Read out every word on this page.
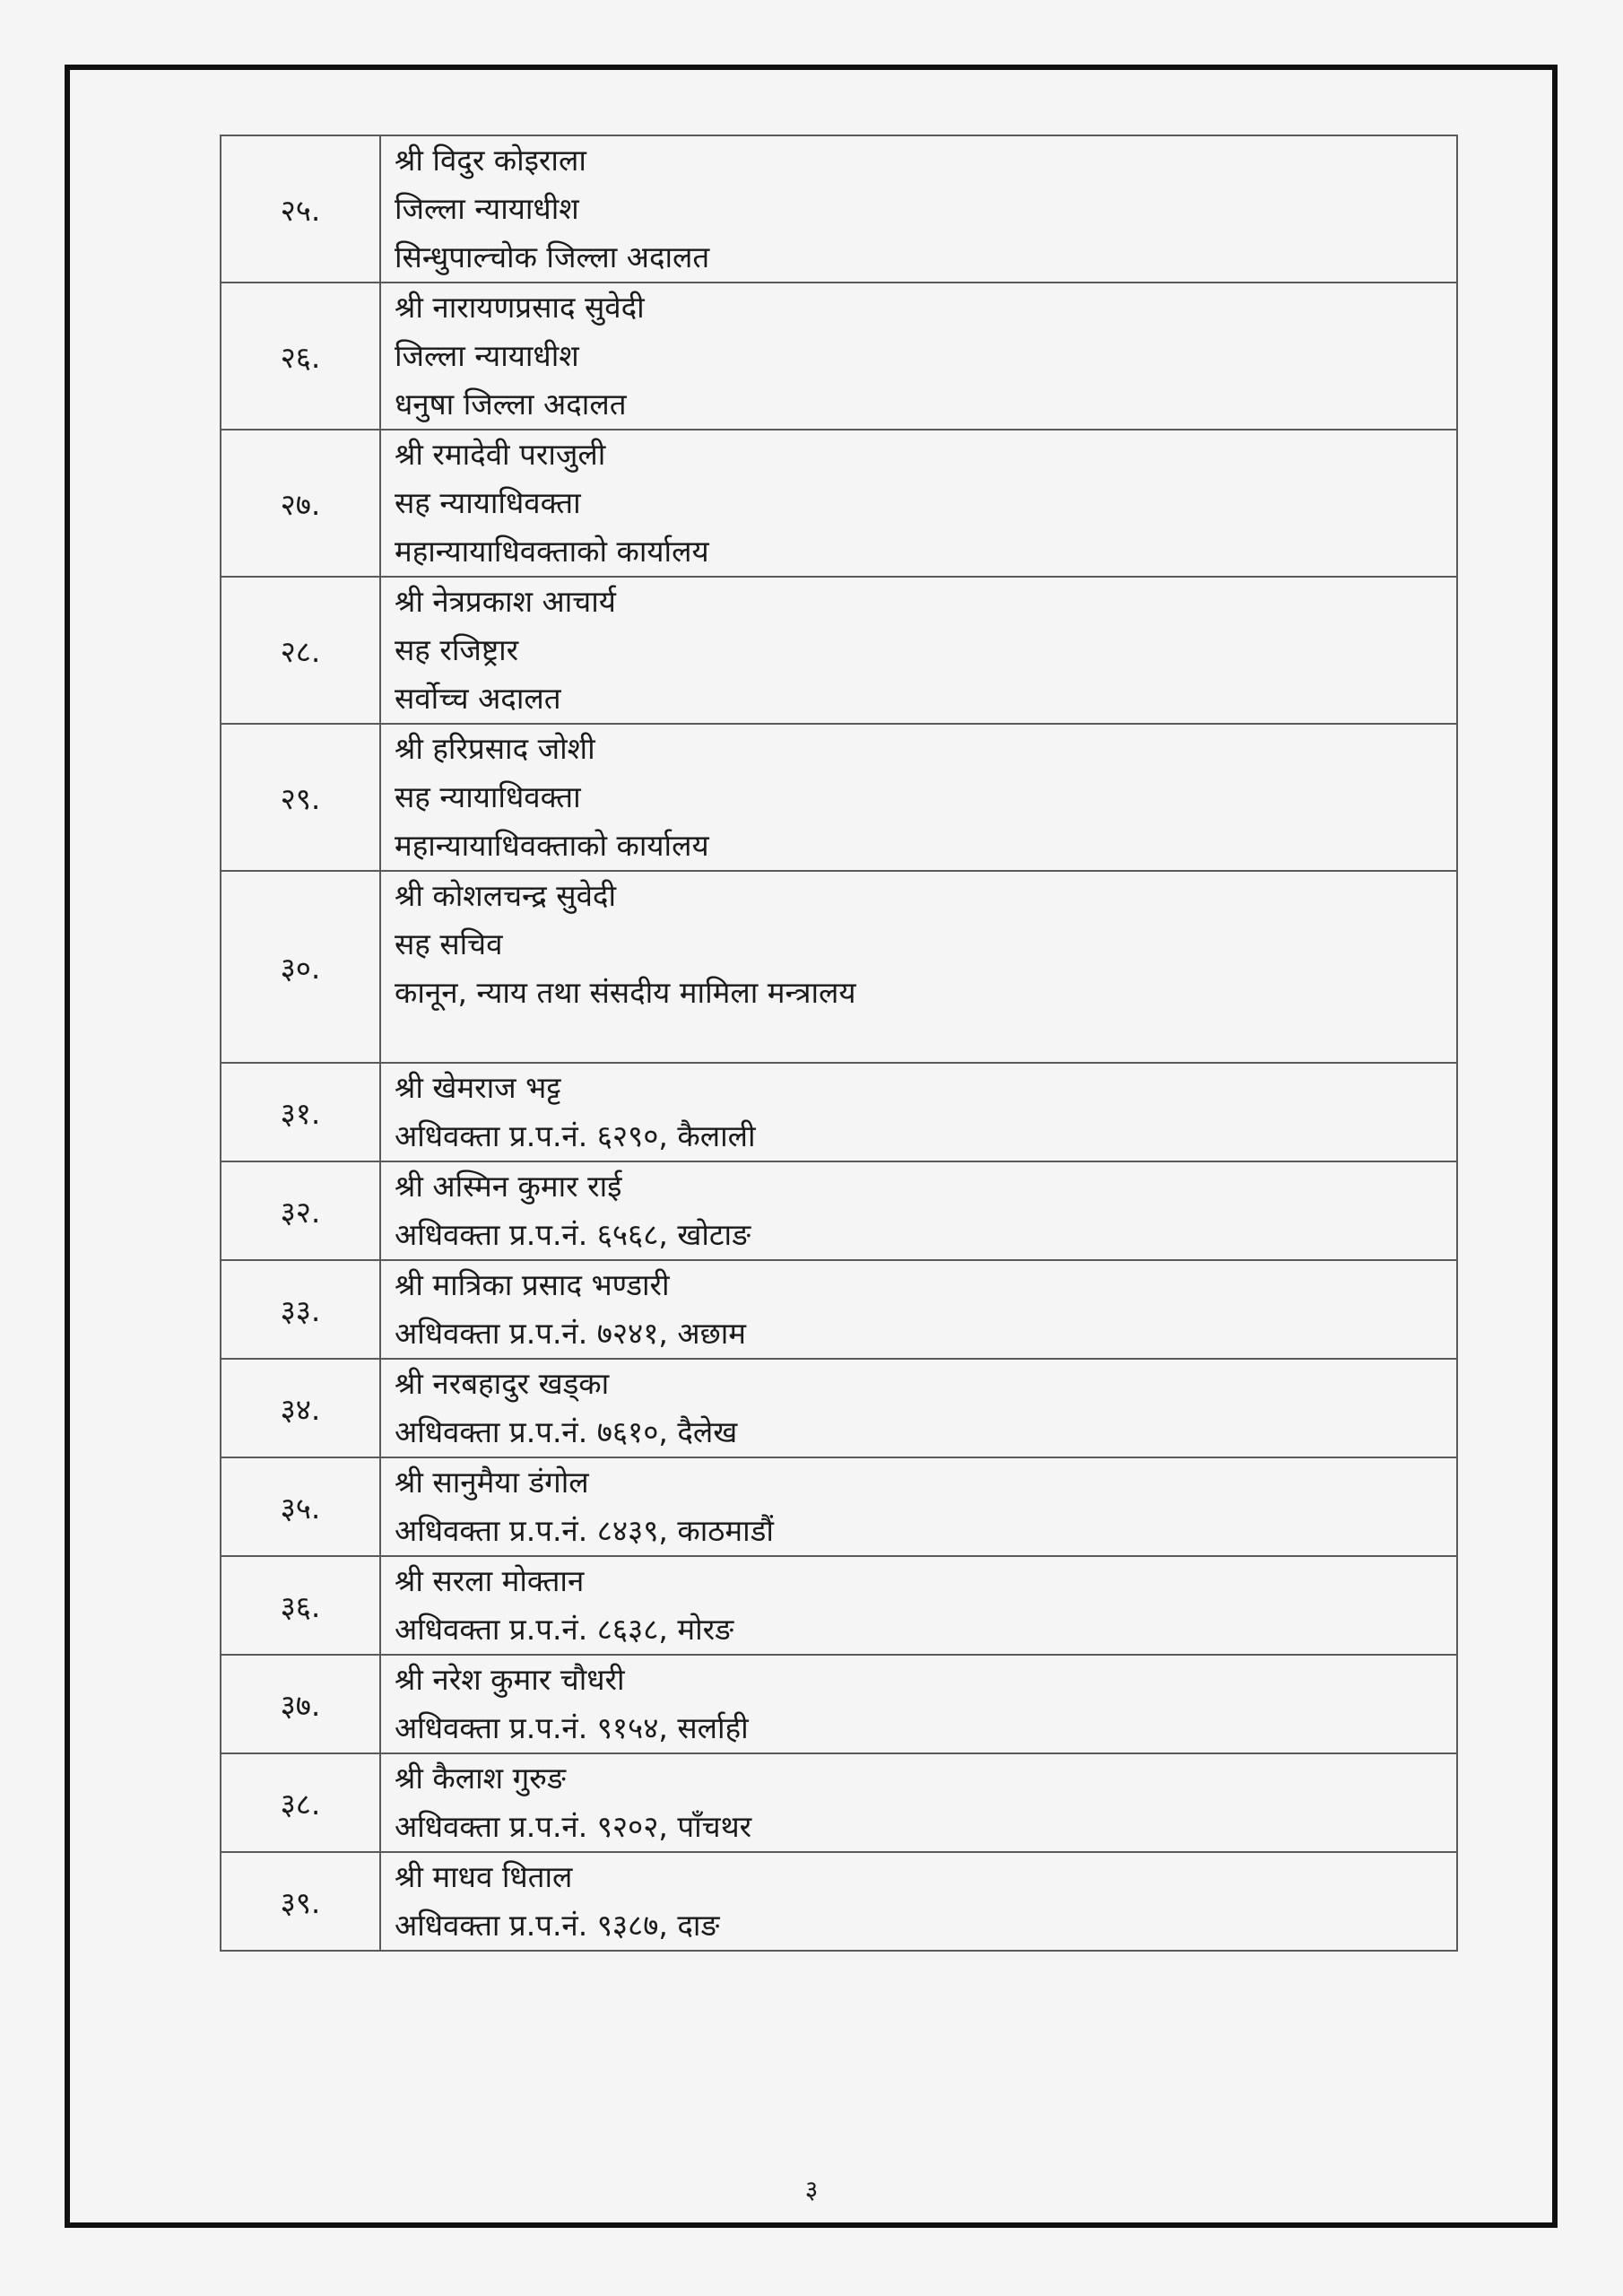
२५.	श्री विदुर कोइराला
जिल्ला न्यायाधीश
सिन्धुपाल्चोक जिल्ला अदालत

२६.	श्री नारायणप्रसाद सुवेदी
जिल्ला न्यायाधीश
धनुषा जिल्ला अदालत

२७.	श्री रमादेवी पराजुली
सह न्यायाधिवक्ता
महान्यायाधिवक्ताको कार्यालय

२८.	श्री नेत्रप्रकाश आचार्य
सह रजिष्ट्रार
सर्वोच्च अदालत

२९.	श्री हरिप्रसाद जोशी
सह न्यायाधिवक्ता
महान्यायाधिवक्ताको कार्यालय

३०.	श्री कोशलचन्द्र सुवेदी
सह सचिव
कानून, न्याय तथा संसदीय मामिला मन्त्रालय

३१.	श्री खेमराज भट्ट
अधिवक्ता प्र.प.नं. ६२९०, कैलाली

३२.	श्री अस्मिन कुमार राई
अधिवक्ता प्र.प.नं. ६५६८, खोटाङ

३३.	श्री मात्रिका प्रसाद भण्डारी
अधिवक्ता प्र.प.नं. ७२४१, अछाम

३४.	श्री नरबहादुर खड्का
अधिवक्ता प्र.प.नं. ७६१०, दैलेख

३५.	श्री सानुमैया डंगोल
अधिवक्ता प्र.प.नं. ८४३९, काठमाडौं

३६.	श्री सरला मोक्तान
अधिवक्ता प्र.प.नं. ८६३८, मोरङ

३७.	श्री नरेश कुमार चौधरी
अधिवक्ता प्र.प.नं. ९१५४, सर्लाही

३८.	श्री कैलाश गुरुङ
अधिवक्ता प्र.प.नं. ९२०२, पाँचथर

३९.	श्री माधव धिताल
अधिवक्ता प्र.प.नं. ९३८७, दाङ
३
